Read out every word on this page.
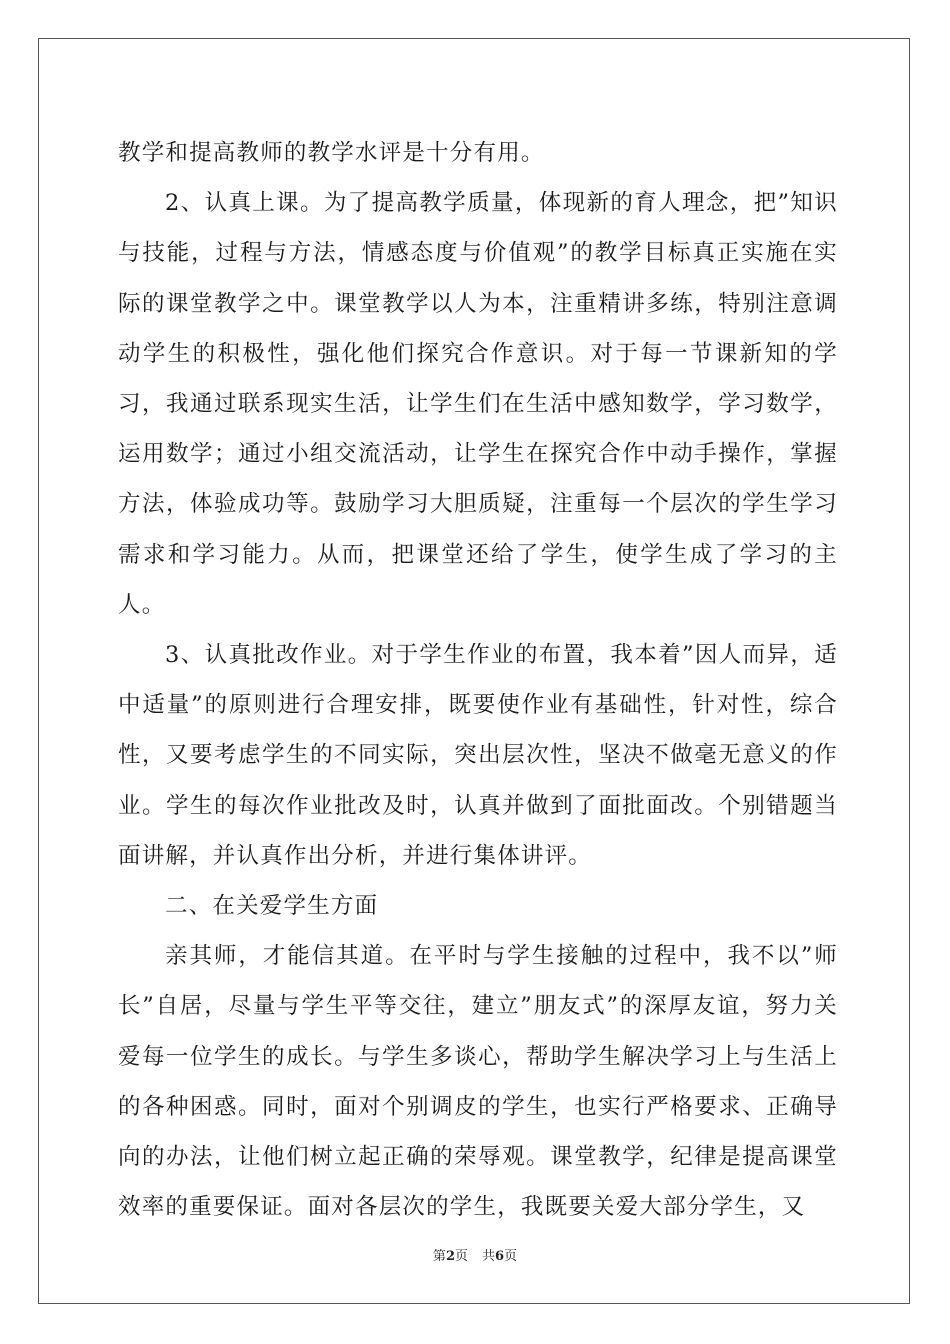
教学和提高教师的教学水评是十分有用。

2、认真上课。为了提高教学质量，体现新的育人理念，把”知识与技能，过程与方法，情感态度与价值观”的教学目标真正实施在实际的课堂教学之中。课堂教学以人为本，注重精讲多练，特别注意调动学生的积极性，强化他们探究合作意识。对于每一节课新知的学习，我通过联系现实生活，让学生们在生活中感知数学，学习数学，运用数学；通过小组交流活动，让学生在探究合作中动手操作，掌握方法，体验成功等。鼓励学习大胆质疑，注重每一个层次的学生学习需求和学习能力。从而，把课堂还给了学生，使学生成了学习的主人。

3、认真批改作业。对于学生作业的布置，我本着”因人而异，适中适量”的原则进行合理安排，既要使作业有基础性，针对性，综合性，又要考虑学生的不同实际，突出层次性，坚决不做毫无意义的作业。学生的每次作业批改及时，认真并做到了面批面改。个别错题当面讲解，并认真作出分析，并进行集体讲评。

二、在关爱学生方面

亲其师，才能信其道。在平时与学生接触的过程中，我不以”师长”自居，尽量与学生平等交往，建立”朋友式”的深厚友谊，努力关爱每一位学生的成长。与学生多谈心，帮助学生解决学习上与生活上的各种困惑。同时，面对个别调皮的学生，也实行严格要求、正确导向的办法，让他们树立起正确的荣辱观。课堂教学，纪律是提高课堂效率的重要保证。面对各层次的学生，我既要关爱大部分学生，又

第2页 共6页
